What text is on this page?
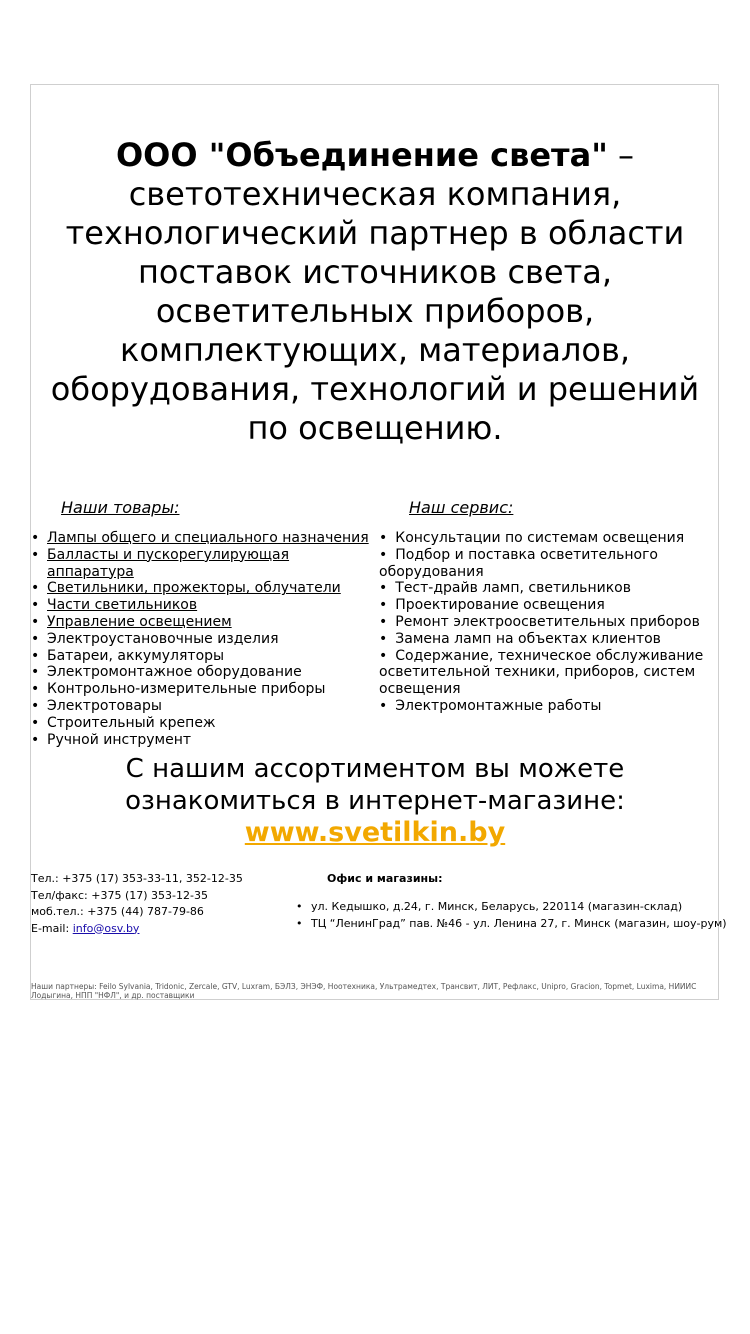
ООО "Объединение света" – светотехническая компания, технологический партнер в области поставок источников света, осветительных приборов, комплектующих, материалов, оборудования, технологий и решений по освещению.
Наши товары:	Наш сервис:
• Лампы общего и специального назначения
• Балласты и пускорегулирующая аппаратура
• Светильники, прожекторы, облучатели
• Части светильников
• Управление освещением
• Электроустановочные изделия
• Батареи, аккумуляторы
• Электромонтажное оборудование
• Контрольно-измерительные приборы
• Электротовары
• Строительный крепеж
• Ручной инструмент
• Консультации по системам освещения
• Подбор и поставка осветительного оборудования
• Тест-драйв ламп, светильников
• Проектирование освещения
• Ремонт электроосветительных приборов
• Замена ламп на объектах клиентов
• Содержание, техническое обслуживание осветительной техники, приборов, систем освещения
• Электромонтажные работы
С нашим ассортиментом вы можете ознакомиться в интернет-магазине:
www.svetilkin.by
Тел.: +375 (17) 353-33-11, 352-12-35
Тел/факс: +375 (17) 353-12-35
моб.тел.: +375 (44) 787-79-86
E-mail: info@osv.by
Офис и магазины:
• ул. Кедышко, д.24, г. Минск, Беларусь, 220114 (магазин-склад)
• ТЦ “ЛенинГрад” пав. №46 - ул. Ленина 27, г. Минск (магазин, шоу-рум)
Наши партнеры: Feilo Sylvania, Tridonic, Zercale, GTV, Luxram, БЭЛЗ, ЭНЭФ, Ноотехника, Ультрамедтех, Трансвит, ЛИТ, Рефлакс, Unipro, Gracion, Topmet, Luxima, НИИИС Лодыгина, НПП "НФЛ", и др. поставщики
